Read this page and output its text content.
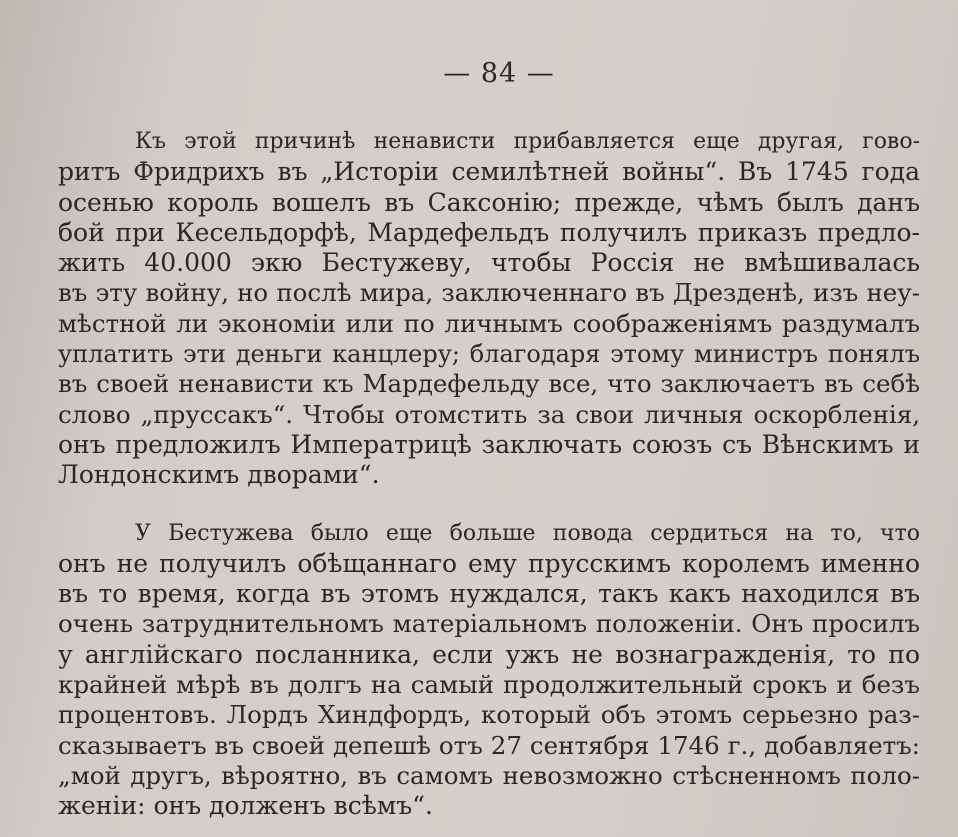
— 84 —
Къ этой причинѣ ненависти прибавляется еще другая, гово-
ритъ Фридрихъ въ „Исторіи семилѣтней войны“. Въ 1745 года
осенью король вошелъ въ Саксонію; прежде, чѣмъ былъ данъ
бой при Кесельдорфѣ, Мардефельдъ получилъ приказъ предло-
жить 40.000 экю Бестужеву, чтобы Россія не вмѣшивалась
въ эту войну, но послѣ мира, заключеннаго въ Дрезденѣ, изъ неу-
мѣстной ли экономіи или по личнымъ соображеніямъ раздумалъ
уплатить эти деньги канцлеру; благодаря этому министръ понялъ
въ своей ненависти къ Мардефельду все, что заключаетъ въ себѣ
слово „пруссакъ“. Чтобы отомстить за свои личныя оскорбленія,
онъ предложилъ Императрицѣ заключать союзъ съ Вѣнскимъ и
Лондонскимъ дворами“.
У Бестужева было еще больше повода сердиться на то, что
онъ не получилъ обѣщаннаго ему прусскимъ королемъ именно
въ то время, когда въ этомъ нуждался, такъ какъ находился въ
очень затруднительномъ матеріальномъ положеніи. Онъ просилъ
у англійскаго посланника, если ужъ не вознагражденія, то по
крайней мѣрѣ въ долгъ на самый продолжительный срокъ и безъ
процентовъ. Лордъ Хиндфордъ, который объ этомъ серьезно раз-
сказываетъ въ своей депешѣ отъ 27 сентября 1746 г., добавляетъ:
„мой другъ, вѣроятно, въ самомъ невозможно стѣсненномъ поло-
женіи: онъ долженъ всѣмъ“.
